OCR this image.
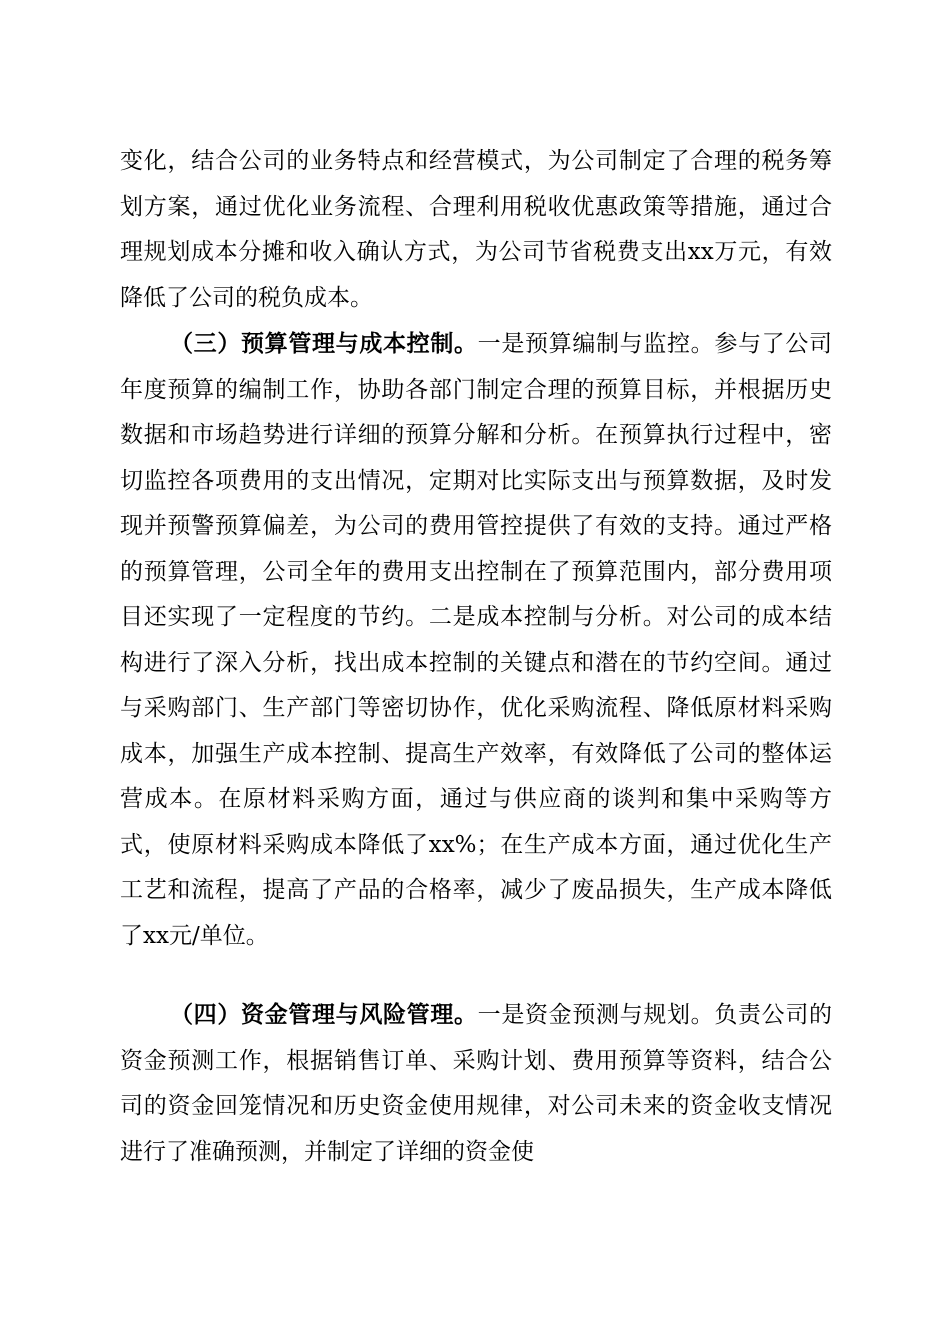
变化，结合公司的业务特点和经营模式，为公司制定了合理的税务筹划方案，通过优化业务流程、合理利用税收优惠政策等措施，通过合理规划成本分摊和收入确认方式，为公司节省税费支出xx万元，有效降低了公司的税负成本。

（三）预算管理与成本控制。一是预算编制与监控。参与了公司年度预算的编制工作，协助各部门制定合理的预算目标，并根据历史数据和市场趋势进行详细的预算分解和分析。在预算执行过程中，密切监控各项费用的支出情况，定期对比实际支出与预算数据，及时发现并预警预算偏差，为公司的费用管控提供了有效的支持。通过严格的预算管理，公司全年的费用支出控制在了预算范围内，部分费用项目还实现了一定程度的节约。二是成本控制与分析。对公司的成本结构进行了深入分析，找出成本控制的关键点和潜在的节约空间。通过与采购部门、生产部门等密切协作，优化采购流程、降低原材料采购成本，加强生产成本控制、提高生产效率，有效降低了公司的整体运营成本。在原材料采购方面，通过与供应商的谈判和集中采购等方式，使原材料采购成本降低了xx%；在生产成本方面，通过优化生产工艺和流程，提高了产品的合格率，减少了废品损失，生产成本降低了xx元/单位。

（四）资金管理与风险管理。一是资金预测与规划。负责公司的资金预测工作，根据销售订单、采购计划、费用预算等资料，结合公司的资金回笼情况和历史资金使用规律，对公司未来的资金收支情况进行了准确预测，并制定了详细的资金使
